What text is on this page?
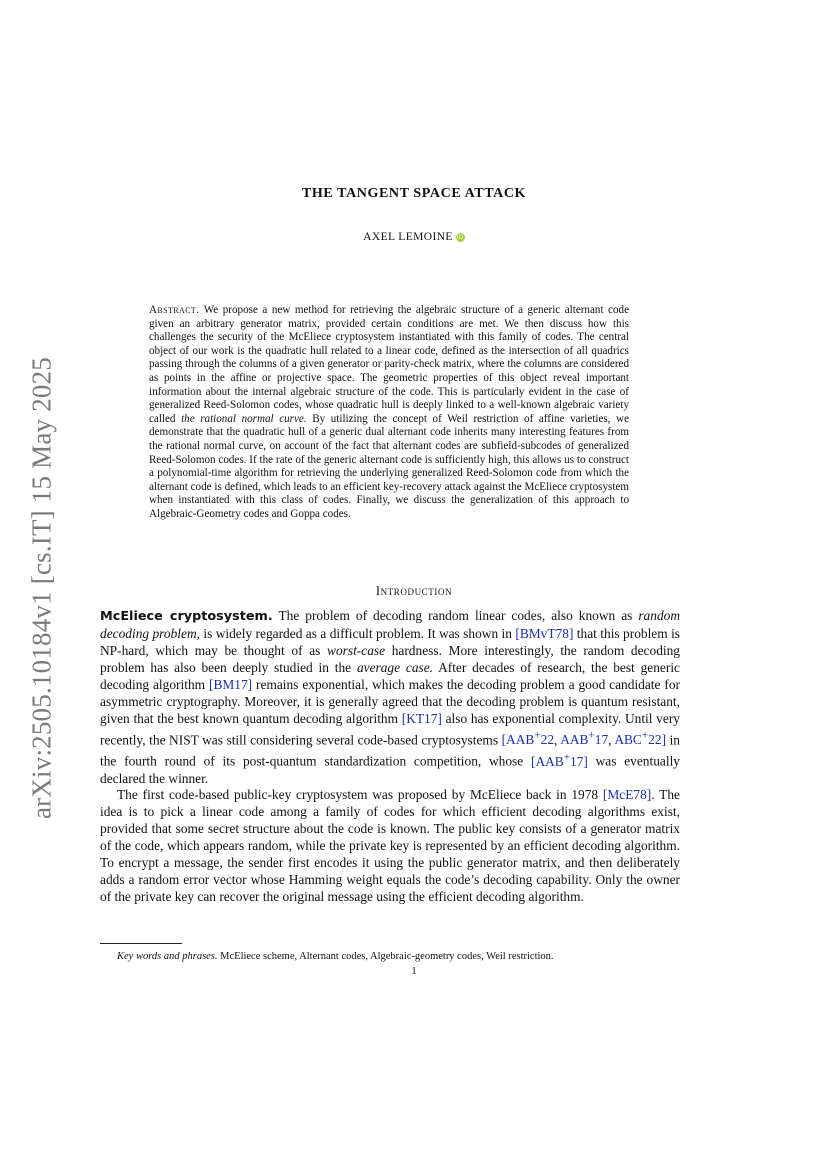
arXiv:2505.10184v1 [cs.IT] 15 May 2025
THE TANGENT SPACE ATTACK
AXEL LEMOINE iD

Abstract. We propose a new method for retrieving the algebraic structure of a generic alternant code given an arbitrary generator matrix, provided certain conditions are met. We then discuss how this challenges the security of the McEliece cryptosystem instantiated with this family of codes. The central object of our work is the quadratic hull related to a linear code, defined as the intersection of all quadrics passing through the columns of a given generator or parity-check matrix, where the columns are considered as points in the affine or projective space. The geometric properties of this object reveal important information about the internal algebraic structure of the code. This is particularly evident in the case of generalized Reed-Solomon codes, whose quadratic hull is deeply linked to a well-known algebraic variety called the rational normal curve. By utilizing the concept of Weil restriction of affine varieties, we demonstrate that the quadratic hull of a generic dual alternant code inherits many interesting features from the rational normal curve, on account of the fact that alternant codes are subfield-subcodes of generalized Reed-Solomon codes. If the rate of the generic alternant code is sufficiently high, this allows us to construct a polynomial-time algorithm for retrieving the underlying generalized Reed-Solomon code from which the alternant code is defined, which leads to an efficient key-recovery attack against the McEliece cryptosystem when instantiated with this class of codes. Finally, we discuss the generalization of this approach to Algebraic-Geometry codes and Goppa codes.

Introduction

McEliece cryptosystem. The problem of decoding random linear codes, also known as random decoding problem, is widely regarded as a difficult problem. It was shown in [BMvT78] that this problem is NP-hard, which may be thought of as worst-case hardness. More interestingly, the random decoding problem has also been deeply studied in the average case. After decades of research, the best generic decoding algorithm [BM17] remains exponential, which makes the decoding problem a good candidate for asymmetric cryptography. Moreover, it is generally agreed that the decoding problem is quantum resistant, given that the best known quantum decoding algorithm [KT17] also has exponential complexity. Until very recently, the NIST was still considering several code-based cryptosystems [AAB+22, AAB+17, ABC+22] in the fourth round of its post-quantum standardization competition, whose [AAB+17] was eventually declared the winner.

The first code-based public-key cryptosystem was proposed by McEliece back in 1978 [McE78]. The idea is to pick a linear code among a family of codes for which efficient decoding algorithms exist, provided that some secret structure about the code is known. The public key consists of a generator matrix of the code, which appears random, while the private key is represented by an efficient decoding algorithm. To encrypt a message, the sender first encodes it using the public generator matrix, and then deliberately adds a random error vector whose Hamming weight equals the code’s decoding capability. Only the owner of the private key can recover the original message using the efficient decoding algorithm.

Key words and phrases. McEliece scheme, Alternant codes, Algebraic-geometry codes, Weil restriction.
1
